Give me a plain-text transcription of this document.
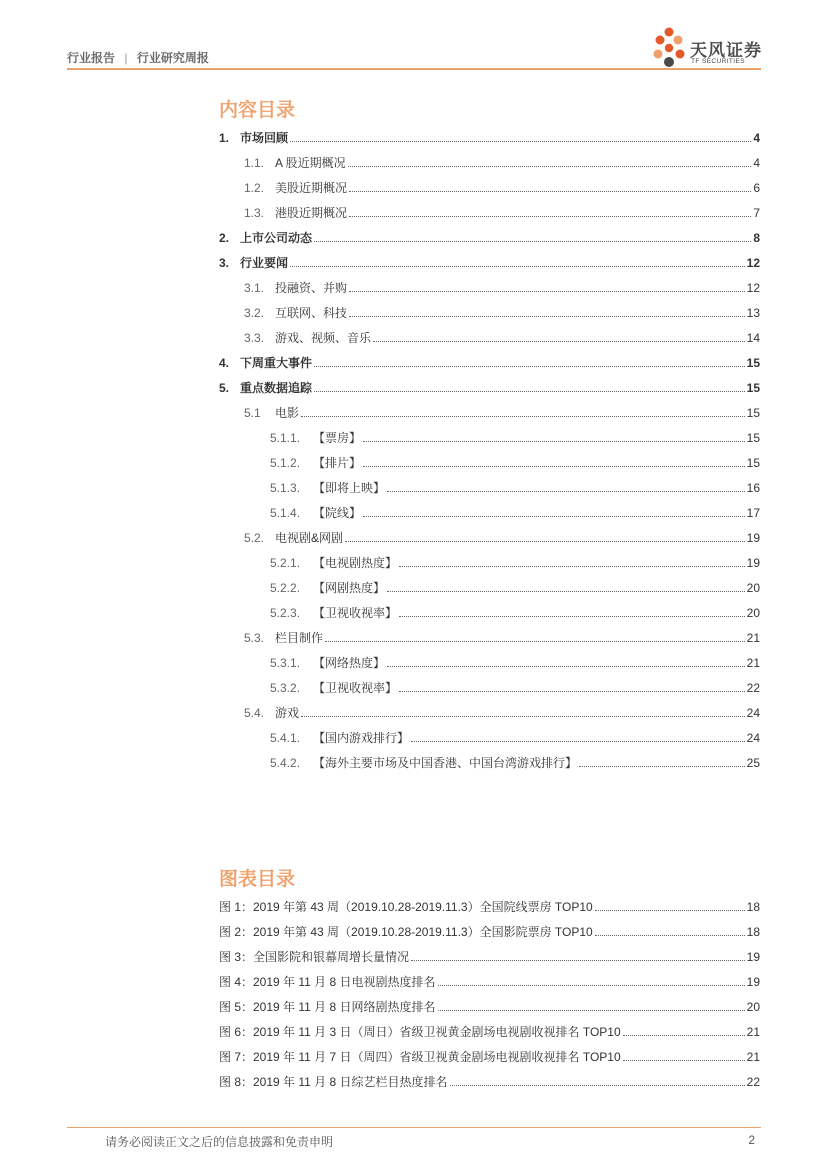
行业报告 | 行业研究周报	天风证券
TF SECURITIES
内容目录
1. 市场回顾	4
1.1. A 股近期概况	4
1.2. 美股近期概况	6
1.3. 港股近期概况	7
2. 上市公司动态	8
3. 行业要闻	12
3.1. 投融资、并购	12
3.2. 互联网、科技	13
3.3. 游戏、视频、音乐	14
4. 下周重大事件	15
5. 重点数据追踪	15
5.1	电影	15
5.1.1.	【票房】	15
5.1.2.	【排片】	15
5.1.3.	【即将上映】	16
5.1.4.	【院线】	17
5.2. 电视剧&网剧	19
5.2.1.	【电视剧热度】	19
5.2.2.	【网剧热度】	20
5.2.3.	【卫视收视率】	20
5.3. 栏目制作	21
5.3.1.	【网络热度】	21
5.3.2.	【卫视收视率】	22
5.4. 游戏	24
5.4.1.	【国内游戏排行】	24
5.4.2.	【海外主要市场及中国香港、中国台湾游戏排行】	25
图表目录
图 1：2019 年第 43 周（2019.10.28-2019.11.3）全国院线票房 TOP10	18
图 2：2019 年第 43 周（2019.10.28-2019.11.3）全国影院票房 TOP10	18
图 3：全国影院和银幕周增长量情况	19
图 4：2019 年 11 月 8 日电视剧热度排名	19
图 5：2019 年 11 月 8 日网络剧热度排名	20
图 6：2019 年 11 月 3 日（周日）省级卫视黄金剧场电视剧收视排名 TOP10	21
图 7：2019 年 11 月 7 日（周四）省级卫视黄金剧场电视剧收视排名 TOP10	21
图 8：2019 年 11 月 8 日综艺栏目热度排名	22
请务必阅读正文之后的信息披露和免责申明	2
